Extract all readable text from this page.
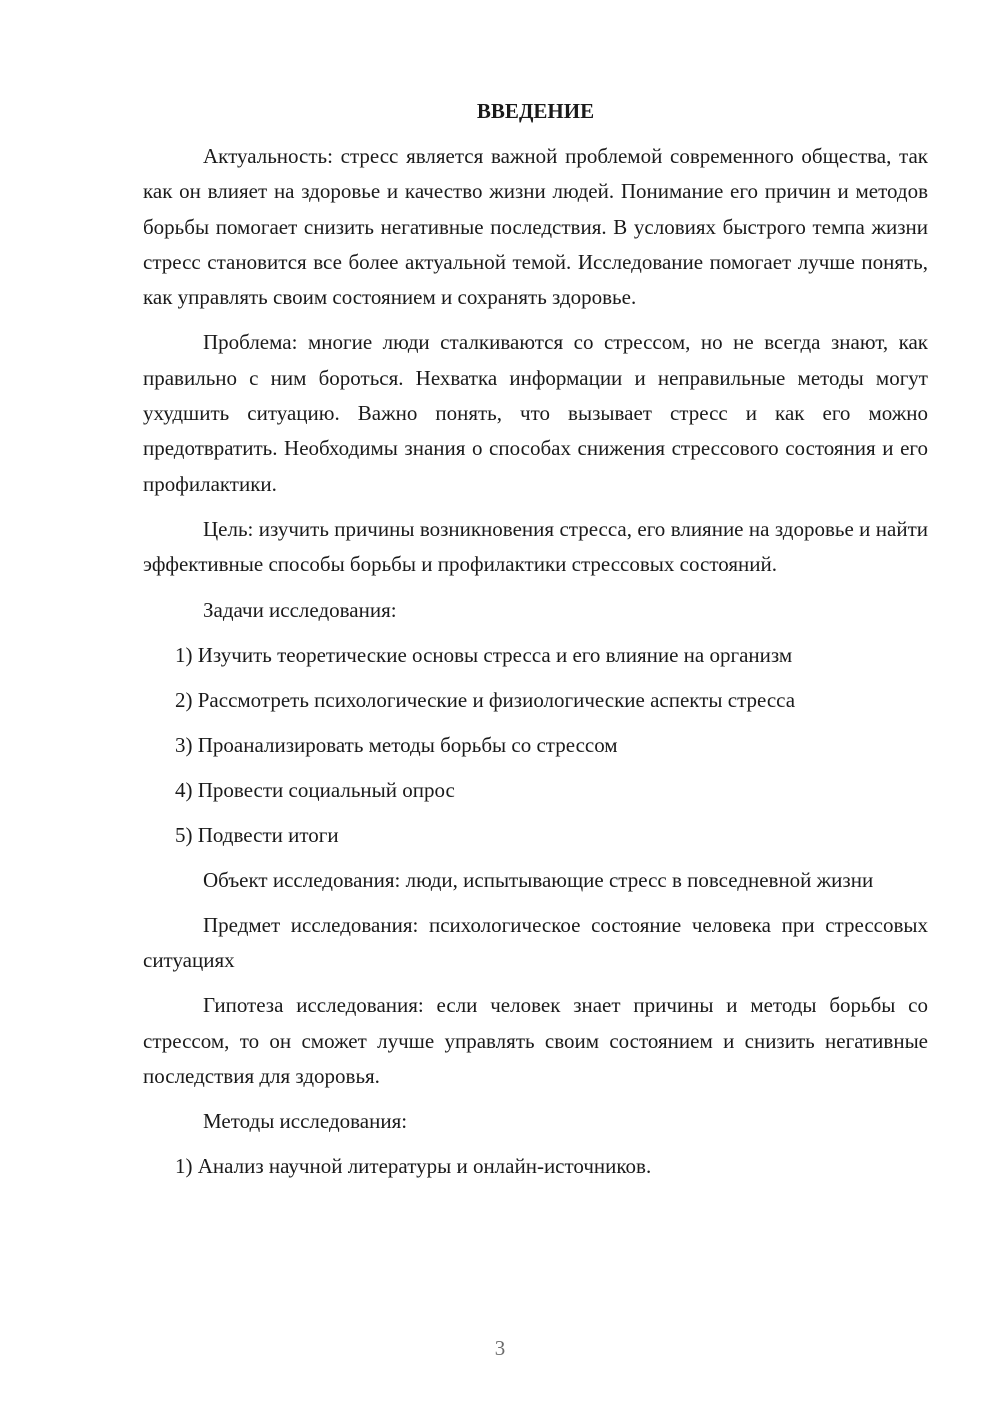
ВВЕДЕНИЕ

Актуальность: стресс является важной проблемой современного общества, так как он влияет на здоровье и качество жизни людей. Понимание его причин и методов борьбы помогает снизить негативные последствия. В условиях быстрого темпа жизни стресс становится все более актуальной темой. Исследование помогает лучше понять, как управлять своим состоянием и сохранять здоровье.

Проблема: многие люди сталкиваются со стрессом, но не всегда знают, как правильно с ним бороться. Нехватка информации и неправильные методы могут ухудшить ситуацию. Важно понять, что вызывает стресс и как его можно предотвратить. Необходимы знания о способах снижения стрессового состояния и его профилактики.

Цель: изучить причины возникновения стресса, его влияние на здоровье и найти эффективные способы борьбы и профилактики стрессовых состояний.

Задачи исследования:

1) Изучить теоретические основы стресса и его влияние на организм
2) Рассмотреть психологические и физиологические аспекты стресса
3) Проанализировать методы борьбы со стрессом
4) Провести социальный опрос
5) Подвести итоги

Объект исследования: люди, испытывающие стресс в повседневной жизни

Предмет исследования: психологическое состояние человека при стрессовых ситуациях

Гипотеза исследования: если человек знает причины и методы борьбы со стрессом, то он сможет лучше управлять своим состоянием и снизить негативные последствия для здоровья.

Методы исследования:

1) Анализ научной литературы и онлайн-источников.
3
